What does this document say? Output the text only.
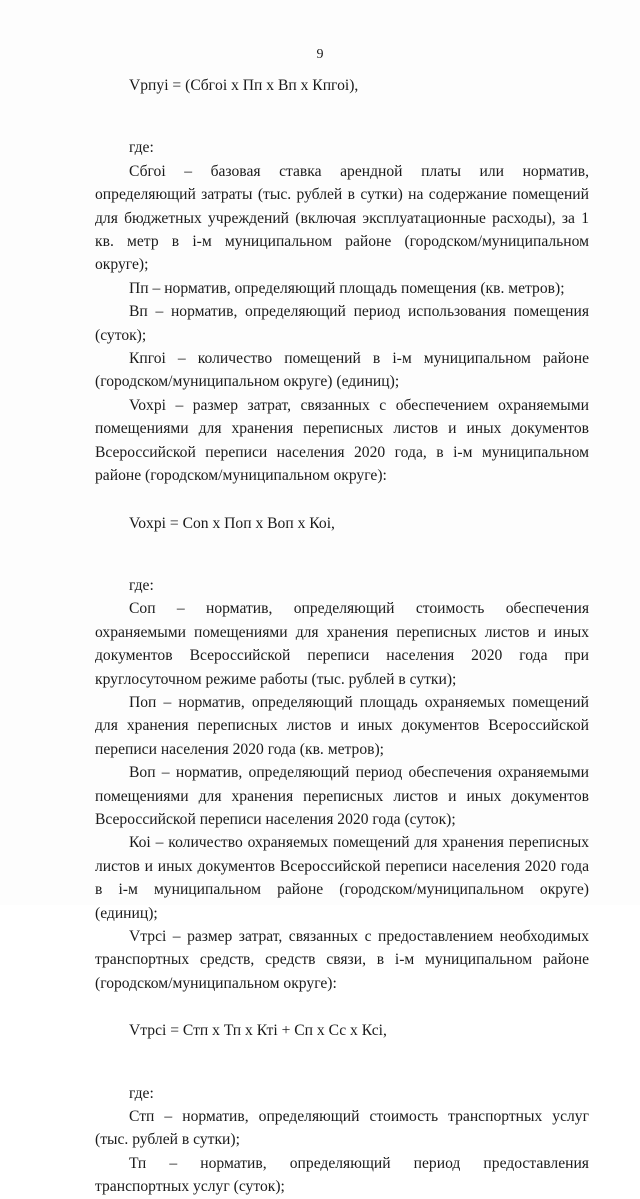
9

Vрпуi = (Cбгoi x Пп x Вп x Кпгоi),

где:

Сбгоi – базовая ставка арендной платы или норматив, определяющий затраты (тыс. рублей в сутки) на содержание помещений для бюджетных учреждений (включая эксплуатационные расходы), за 1 кв. метр в i-м муниципальном районе (городском/муниципальном округе);

Пп – норматив, определяющий площадь помещения (кв. метров);

Вп – норматив, определяющий период использования помещения (суток);

Кпгоi – количество помещений в i-м муниципальном районе (городском/муниципальном округе) (единиц);

Voxpi – размер затрат, связанных с обеспечением охраняемыми помещениями для хранения переписных листов и иных документов Всероссийской переписи населения 2020 года, в i-м муниципальном районе (городском/муниципальном округе):

Voxpi = Con x Поп x Воп x Коi,

где:

Соп – норматив, определяющий стоимость обеспечения охраняемыми помещениями для хранения переписных листов и иных документов Всероссийской переписи населения 2020 года при круглосуточном режиме работы (тыс. рублей в сутки);

Поп – норматив, определяющий площадь охраняемых помещений для хранения переписных листов и иных документов Всероссийской переписи населения 2020 года (кв. метров);

Воп – норматив, определяющий период обеспечения охраняемыми помещениями для хранения переписных листов и иных документов Всероссийской переписи населения 2020 года (суток);

Коi – количество охраняемых помещений для хранения переписных листов и иных документов Всероссийской переписи населения 2020 года в i-м муниципальном районе (городском/муниципальном округе) (единиц);

Vтрсi – размер затрат, связанных с предоставлением необходимых транспортных средств, средств связи, в i-м муниципальном районе (городском/муниципальном округе):

Vтрсi = Стп x Тп x Кті + Сп x Сс x Ксi,

где:

Стп – норматив, определяющий стоимость транспортных услуг (тыс. рублей в сутки);

Тп – норматив, определяющий период предоставления транспортных услуг (суток);
